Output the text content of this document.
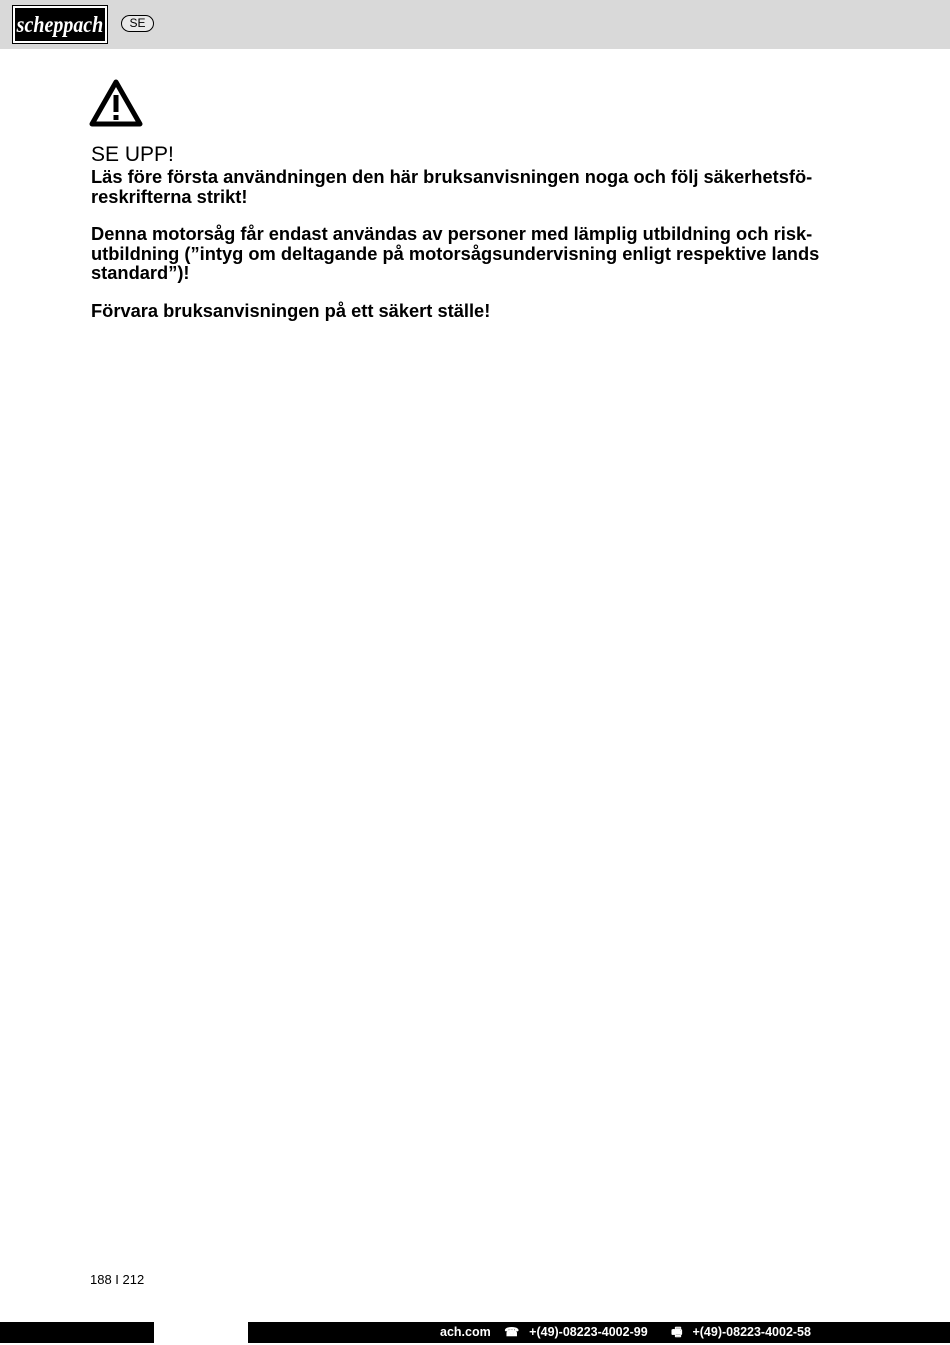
scheppach	SE

SE UPP!

Läs före första användningen den här bruksanvisningen noga och följ säkerhetsfö-
reskrifterna strikt!

Denna motorsåg får endast användas av personer med lämplig utbildning och risk-
utbildning (”intyg om deltagande på motorsågsundervisning enligt respektive lands
standard”)!

Förvara bruksanvisningen på ett säkert ställe!

188 I 212
ach.com ☎ +(49)-08223-4002-99 🖷 +(49)-08223-4002-58
